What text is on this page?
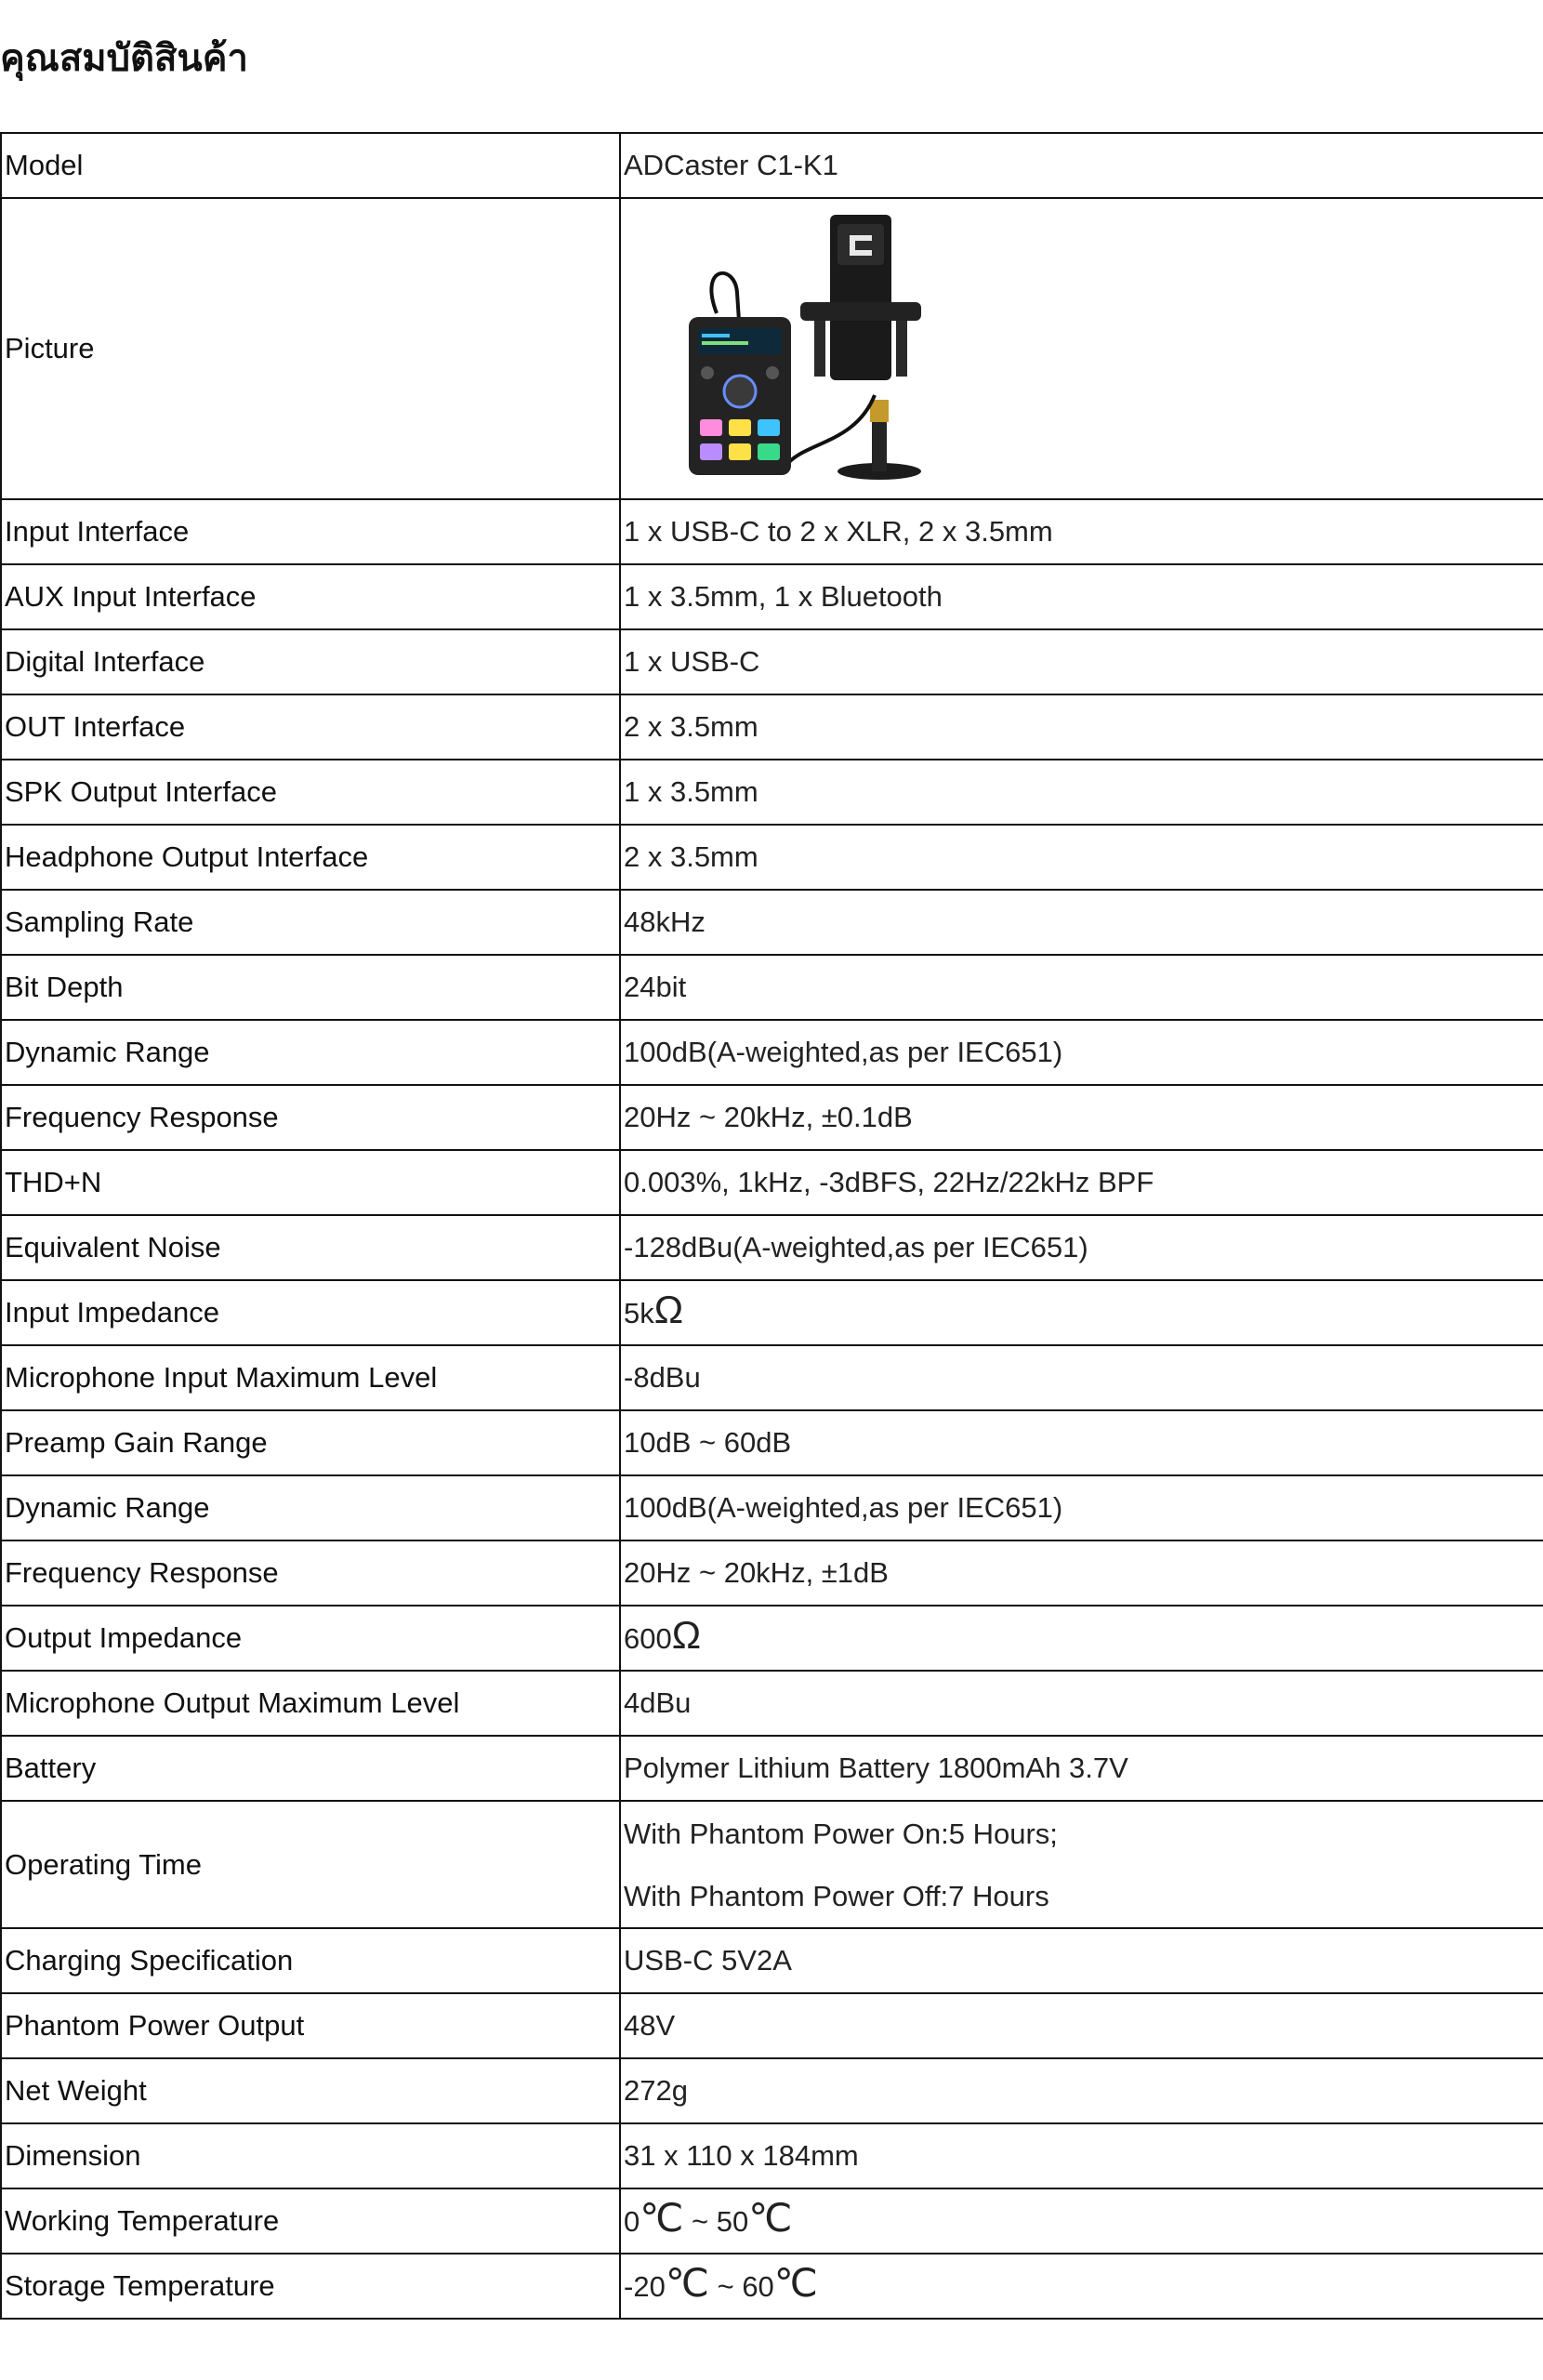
คุณสมบัติสินค้า
Model	ADCaster C1-K1
Picture	

Input Interface	1 x USB-C to 2 x XLR, 2 x 3.5mm
AUX Input Interface	1 x 3.5mm, 1 x Bluetooth
Digital Interface	1 x USB-C
OUT Interface	2 x 3.5mm
SPK Output Interface	1 x 3.5mm
Headphone Output Interface	2 x 3.5mm
Sampling Rate	48kHz
Bit Depth	24bit
Dynamic Range	100dB(A-weighted,as per IEC651)
Frequency Response	20Hz ~ 20kHz, ±0.1dB
THD+N	0.003%, 1kHz, -3dBFS, 22Hz/22kHz BPF
Equivalent Noise	-128dBu(A-weighted,as per IEC651)
Input Impedance	5kΩ
Microphone Input Maximum Level	-8dBu
Preamp Gain Range	10dB ~ 60dB
Dynamic Range	100dB(A-weighted,as per IEC651)
Frequency Response	20Hz ~ 20kHz, ±1dB
Output Impedance	600Ω
Microphone Output Maximum Level	4dBu
Battery	Polymer Lithium Battery 1800mAh 3.7V
Operating Time	With Phantom Power On:5 Hours;
With Phantom Power Off:7 Hours

Charging Specification	USB-C 5V2A
Phantom Power Output	48V
Net Weight	272g
Dimension	31 x 110 x 184mm
Working Temperature	0℃ ~ 50℃
Storage Temperature	-20℃ ~ 60℃
